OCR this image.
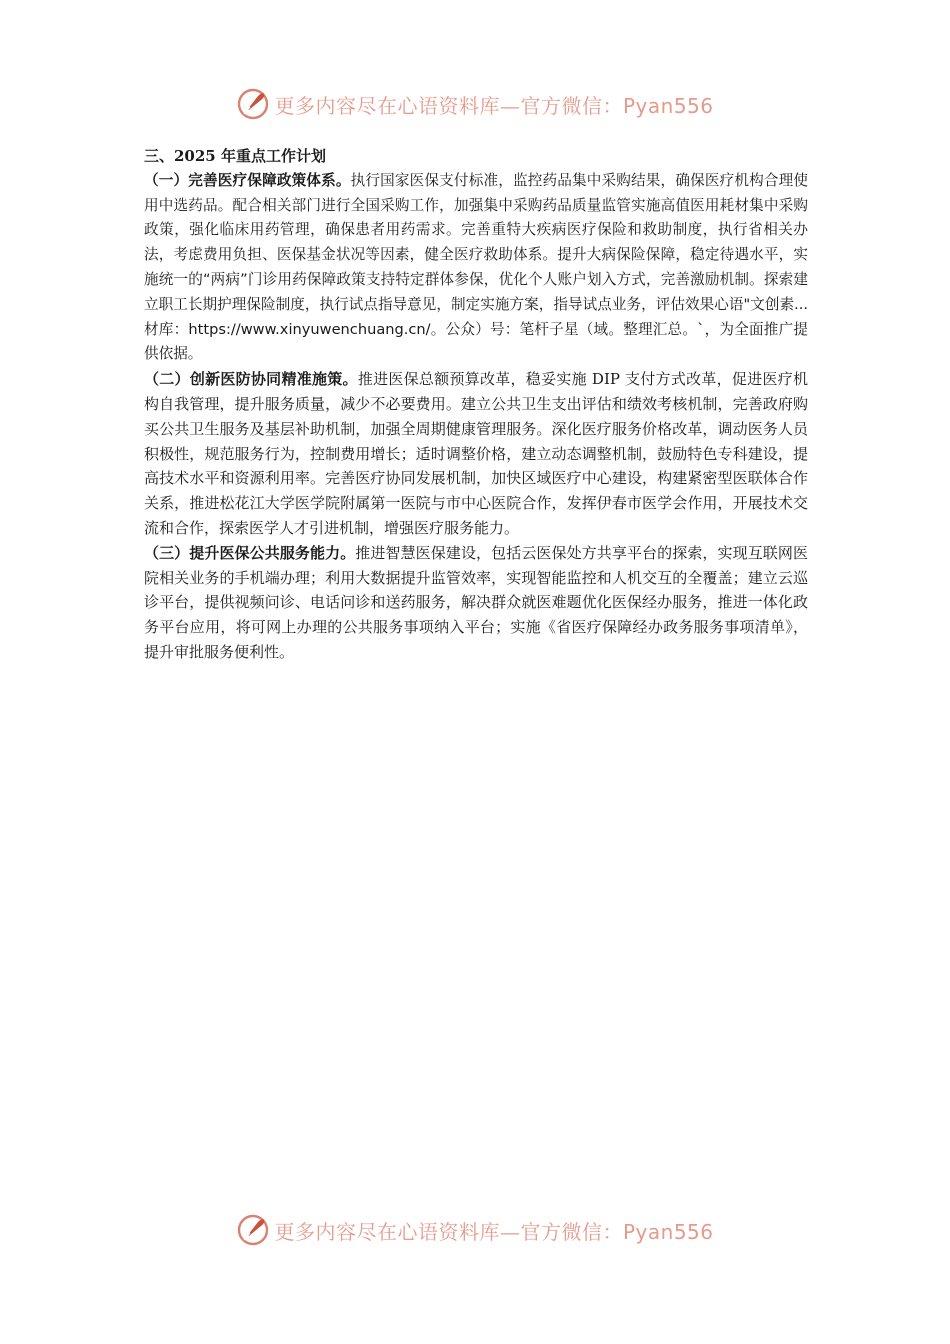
更多内容尽在心语资料库—官方微信：Pyan556

三、2025 年重点工作计划

（一）完善医疗保障政策体系。执行国家医保支付标准，监控药品集中采购结果，确保医疗机构合理使用中选药品。配合相关部门进行全国采购工作，加强集中采购药品质量监管实施高值医用耗材集中采购政策，强化临床用药管理，确保患者用药需求。完善重特大疾病医疗保险和救助制度，执行省相关办法，考虑费用负担、医保基金状况等因素，健全医疗救助体系。提升大病保险保障，稳定待遇水平，实施统一的“两病”门诊用药保障政策支持特定群体参保，优化个人账户划入方式，完善激励机制。探索建立职工长期护理保险制度，执行试点指导意见，制定实施方案，指导试点业务，评估效果心语"文创素...材库：https://www.xinyuwenchuang.cn/。公众）号：笔杆子星（域。整理汇总。`，为全面推广提供依据。

（二）创新医防协同精准施策。推进医保总额预算改革，稳妥实施 DIP 支付方式改革，促进医疗机构自我管理，提升服务质量，减少不必要费用。建立公共卫生支出评估和绩效考核机制，完善政府购买公共卫生服务及基层补助机制，加强全周期健康管理服务。深化医疗服务价格改革，调动医务人员积极性，规范服务行为，控制费用增长；适时调整价格，建立动态调整机制，鼓励特色专科建设，提高技术水平和资源利用率。完善医疗协同发展机制，加快区域医疗中心建设，构建紧密型医联体合作关系，推进松花江大学医学院附属第一医院与市中心医院合作，发挥伊春市医学会作用，开展技术交流和合作，探索医学人才引进机制，增强医疗服务能力。

（三）提升医保公共服务能力。推进智慧医保建设，包括云医保处方共享平台的探索，实现互联网医院相关业务的手机端办理；利用大数据提升监管效率，实现智能监控和人机交互的全覆盖；建立云巡诊平台，提供视频问诊、电话问诊和送药服务，解决群众就医难题优化医保经办服务，推进一体化政务平台应用，将可网上办理的公共服务事项纳入平台；实施《省医疗保障经办政务服务事项清单》，提升审批服务便利性。

更多内容尽在心语资料库—官方微信：Pyan556
